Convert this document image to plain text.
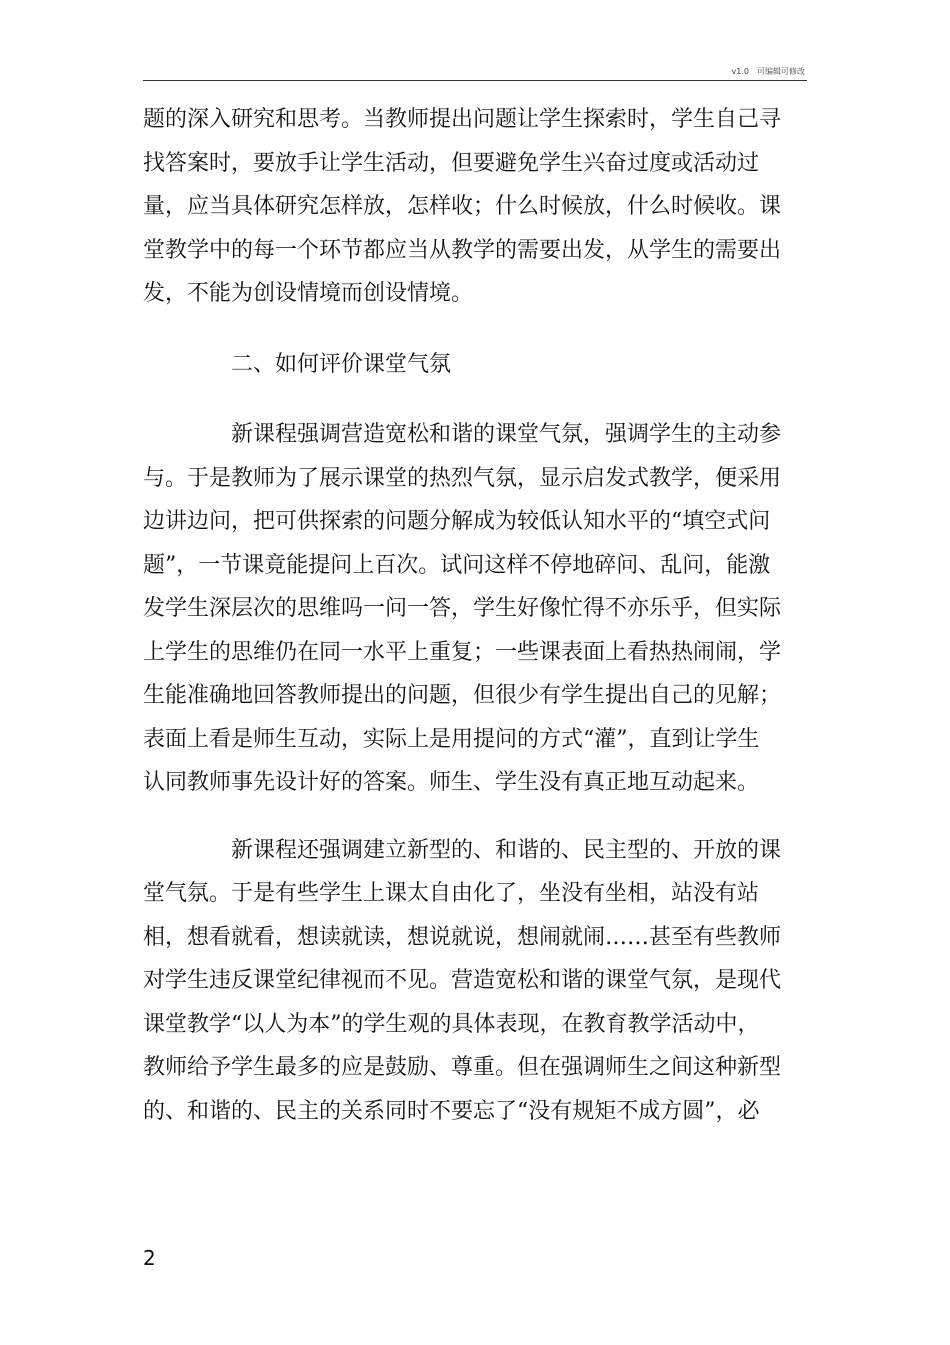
v1.0　可编辑可修改
题的深入研究和思考。当教师提出问题让学生探索时，学生自己寻
找答案时，要放手让学生活动，但要避免学生兴奋过度或活动过
量，应当具体研究怎样放，怎样收；什么时候放，什么时候收。课
堂教学中的每一个环节都应当从教学的需要出发，从学生的需要出
发，不能为创设情境而创设情境。
二、如何评价课堂气氛
新课程强调营造宽松和谐的课堂气氛，强调学生的主动参
与。于是教师为了展示课堂的热烈气氛，显示启发式教学，便采用
边讲边问，把可供探索的问题分解成为较低认知水平的“填空式问
题”，一节课竟能提问上百次。试问这样不停地碎问、乱问，能激
发学生深层次的思维吗一问一答，学生好像忙得不亦乐乎，但实际
上学生的思维仍在同一水平上重复；一些课表面上看热热闹闹，学
生能准确地回答教师提出的问题，但很少有学生提出自己的见解；
表面上看是师生互动，实际上是用提问的方式“灌”，直到让学生
认同教师事先设计好的答案。师生、学生没有真正地互动起来。
新课程还强调建立新型的、和谐的、民主型的、开放的课
堂气氛。于是有些学生上课太自由化了，坐没有坐相，站没有站
相，想看就看，想读就读，想说就说，想闹就闹……甚至有些教师
对学生违反课堂纪律视而不见。营造宽松和谐的课堂气氛，是现代
课堂教学“以人为本”的学生观的具体表现，在教育教学活动中，
教师给予学生最多的应是鼓励、尊重。但在强调师生之间这种新型
的、和谐的、民主的关系同时不要忘了“没有规矩不成方圆”，必
2
